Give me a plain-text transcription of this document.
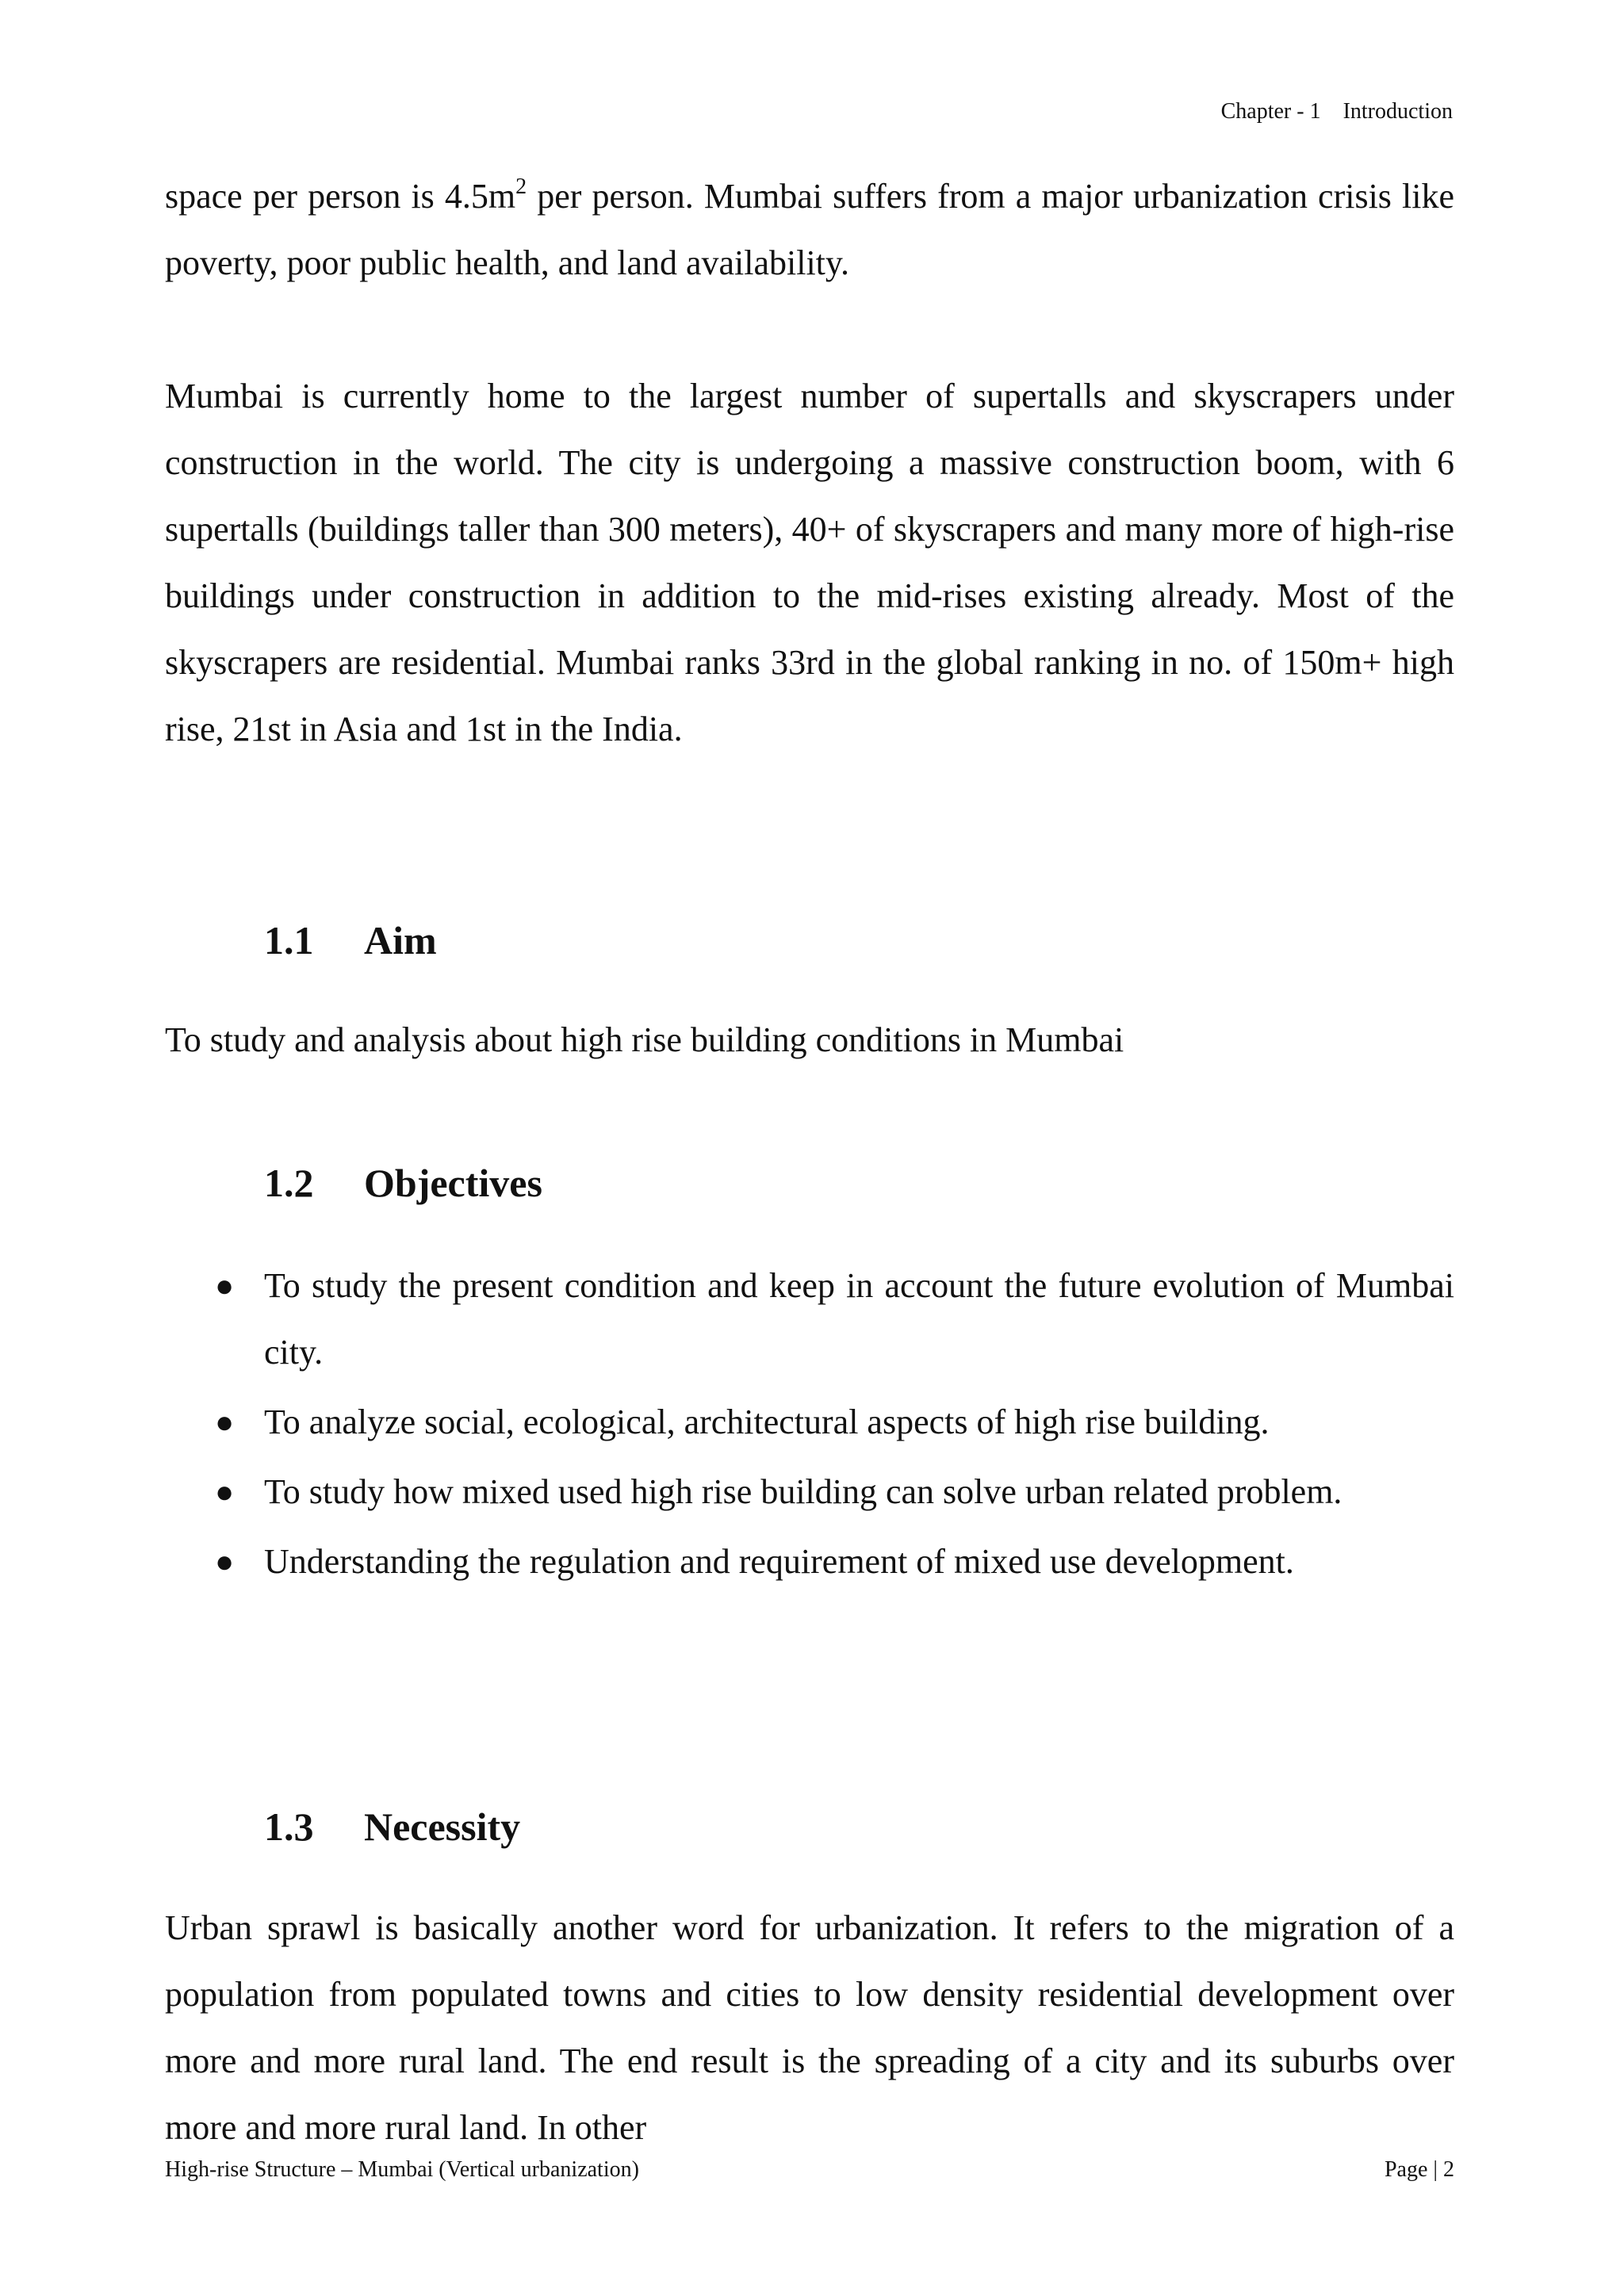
Chapter - 1 Introduction

space per person is $4.5m^2$ per person. Mumbai suffers from a major urbanization crisis like poverty, poor public health, and land availability.

Mumbai is currently home to the largest number of supertalls and skyscrapers under construction in the world. The city is undergoing a massive construction boom, with 6 supertalls (buildings taller than 300 meters), 40+ of skyscrapers and many more of high-rise buildings under construction in addition to the mid-rises existing already. Most of the skyscrapers are residential. Mumbai ranks 33rd in the global ranking in no. of 150m+ high rise, 21st in Asia and 1st in the India.

1.1 Aim

To study and analysis about high rise building conditions in Mumbai

1.2 Objectives
● To study the present condition and keep in account the future evolution of Mumbai city.
● To analyze social, ecological, architectural aspects of high rise building.
● To study how mixed used high rise building can solve urban related problem.
● Understanding the regulation and requirement of mixed use development.
1.3 Necessity

Urban sprawl is basically another word for urbanization. It refers to the migration of a population from populated towns and cities to low density residential development over more and more rural land. The end result is the spreading of a city and its suburbs over more and more rural land. In other

High-rise Structure – Mumbai (Vertical urbanization)	Page | 2
